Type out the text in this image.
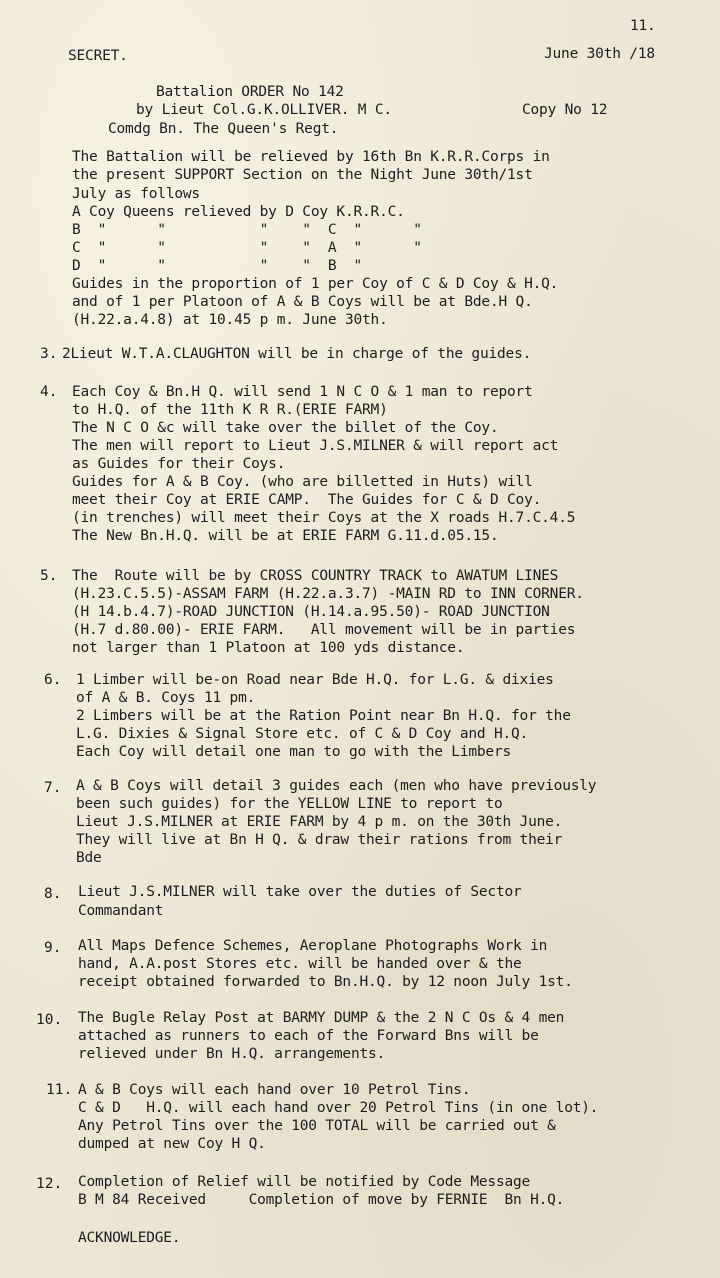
11.
SECRET.	June 30th /18
Battalion ORDER No 142
by Lieut Col.G.K.OLLIVER. M C.	Copy No 12
Comdg Bn. The Queen's Regt.
The Battalion will be relieved by 16th Bn K.R.R.Corps in
the present SUPPORT Section on the Night June 30th/1st
July as follows
A Coy Queens relieved by D Coy K.R.R.C.
B  "      "           "    "  C  "      "
C  "      "           "    "  A  "      "
D  "      "           "    "  B  "
Guides in the proportion of 1 per Coy of C & D Coy & H.Q.
and of 1 per Platoon of A & B Coys will be at Bde.H Q.
(H.22.a.4.8) at 10.45 p m. June 30th.
3. 2Lieut W.T.A.CLAUGHTON will be in charge of the guides.
4. Each Coy & Bn.H Q. will send 1 N C O & 1 man to report
to H.Q. of the 11th K R R.(ERIE FARM)
The N C O &c will take over the billet of the Coy.
The men will report to Lieut J.S.MILNER & will report act
as Guides for their Coys.
Guides for A & B Coy. (who are billetted in Huts) will
meet their Coy at ERIE CAMP.  The Guides for C & D Coy.
(in trenches) will meet their Coys at the X roads H.7.C.4.5
The New Bn.H.Q. will be at ERIE FARM G.11.d.05.15.
5. The  Route will be by CROSS COUNTRY TRACK to AWATUM LINES
(H.23.C.5.5)-ASSAM FARM (H.22.a.3.7) -MAIN RD to INN CORNER.
(H 14.b.4.7)-ROAD JUNCTION (H.14.a.95.50)- ROAD JUNCTION
(H.7 d.80.00)- ERIE FARM.   All movement will be in parties
not larger than 1 Platoon at 100 yds distance.
6. 1 Limber will be-on Road near Bde H.Q. for L.G. & dixies
of A & B. Coys 11 pm.
2 Limbers will be at the Ration Point near Bn H.Q. for the
L.G. Dixies & Signal Store etc. of C & D Coy and H.Q.
Each Coy will detail one man to go with the Limbers
7. A & B Coys will detail 3 guides each (men who have previously
been such guides) for the YELLOW LINE to report to
Lieut J.S.MILNER at ERIE FARM by 4 p m. on the 30th June.
They will live at Bn H Q. & draw their rations from their
Bde
8. Lieut J.S.MILNER will take over the duties of Sector
Commandant
9. All Maps Defence Schemes, Aeroplane Photographs Work in
hand, A.A.post Stores etc. will be handed over & the
receipt obtained forwarded to Bn.H.Q. by 12 noon July 1st.
10. The Bugle Relay Post at BARMY DUMP & the 2 N C Os & 4 men
attached as runners to each of the Forward Bns will be
relieved under Bn H.Q. arrangements.
11. A & B Coys will each hand over 10 Petrol Tins.
C & D   H.Q. will each hand over 20 Petrol Tins (in one lot).
Any Petrol Tins over the 100 TOTAL will be carried out &
dumped at new Coy H Q.
12. Completion of Relief will be notified by Code Message
B M 84 Received     Completion of move by FERNIE  Bn H.Q.
ACKNOWLEDGE.
